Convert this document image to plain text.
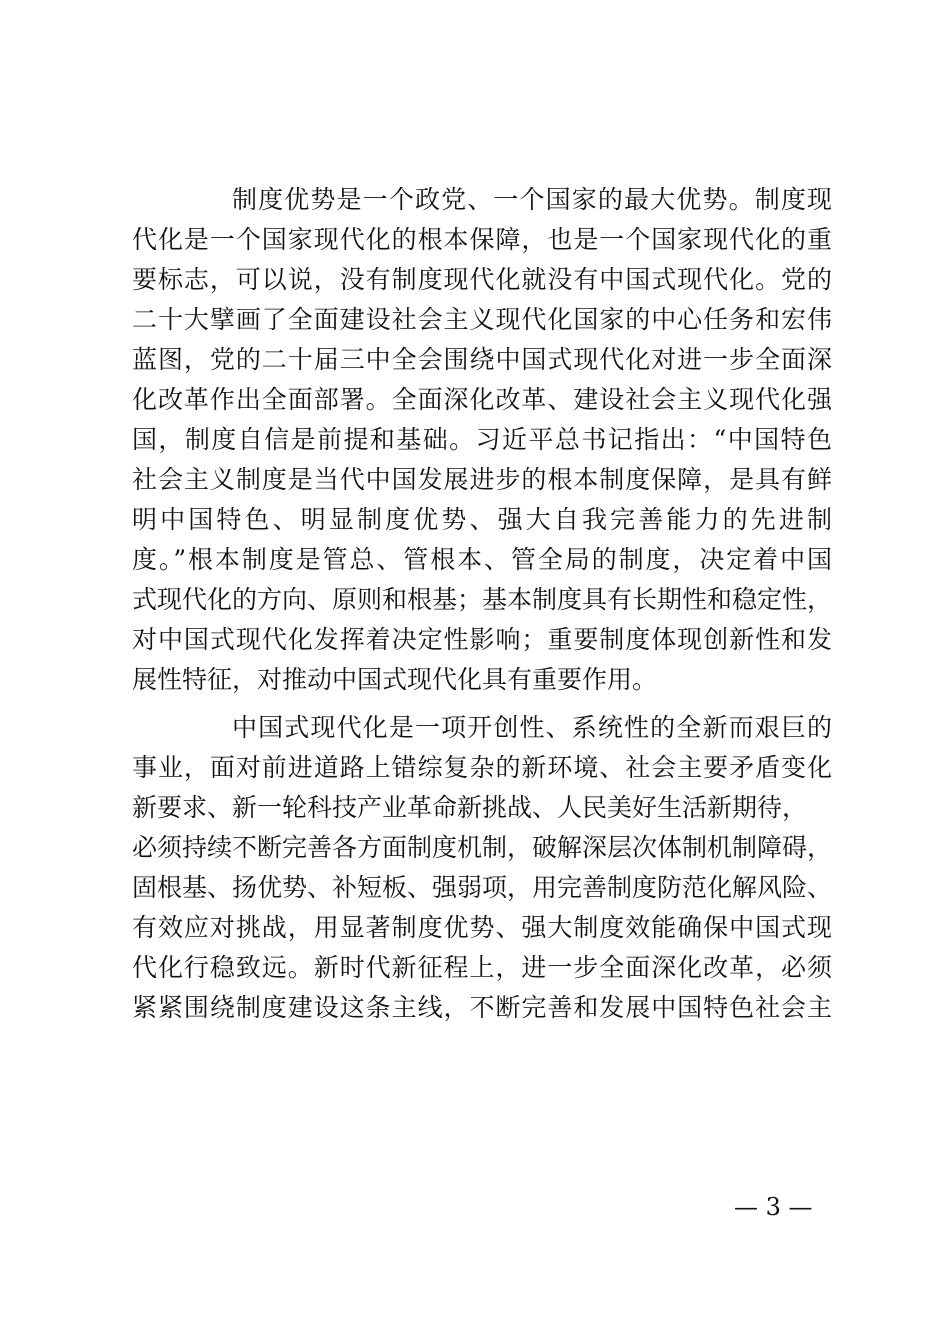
制度优势是一个政党、一个国家的最大优势。制度现
代化是一个国家现代化的根本保障，也是一个国家现代化的重
要标志，可以说，没有制度现代化就没有中国式现代化。党的
二十大擘画了全面建设社会主义现代化国家的中心任务和宏伟
蓝图，党的二十届三中全会围绕中国式现代化对进一步全面深
化改革作出全面部署。全面深化改革、建设社会主义现代化强
国，制度自信是前提和基础。习近平总书记指出：“中国特色
社会主义制度是当代中国发展进步的根本制度保障，是具有鲜
明中国特色、明显制度优势、强大自我完善能力的先进制
度。”根本制度是管总、管根本、管全局的制度，决定着中国
式现代化的方向、原则和根基；基本制度具有长期性和稳定性，
对中国式现代化发挥着决定性影响；重要制度体现创新性和发
展性特征，对推动中国式现代化具有重要作用。
中国式现代化是一项开创性、系统性的全新而艰巨的
事业，面对前进道路上错综复杂的新环境、社会主要矛盾变化
新要求、新一轮科技产业革命新挑战、人民美好生活新期待，
必须持续不断完善各方面制度机制，破解深层次体制机制障碍，
固根基、扬优势、补短板、强弱项，用完善制度防范化解风险、
有效应对挑战，用显著制度优势、强大制度效能确保中国式现
代化行稳致远。新时代新征程上，进一步全面深化改革，必须
紧紧围绕制度建设这条主线，不断完善和发展中国特色社会主
— 3 —
